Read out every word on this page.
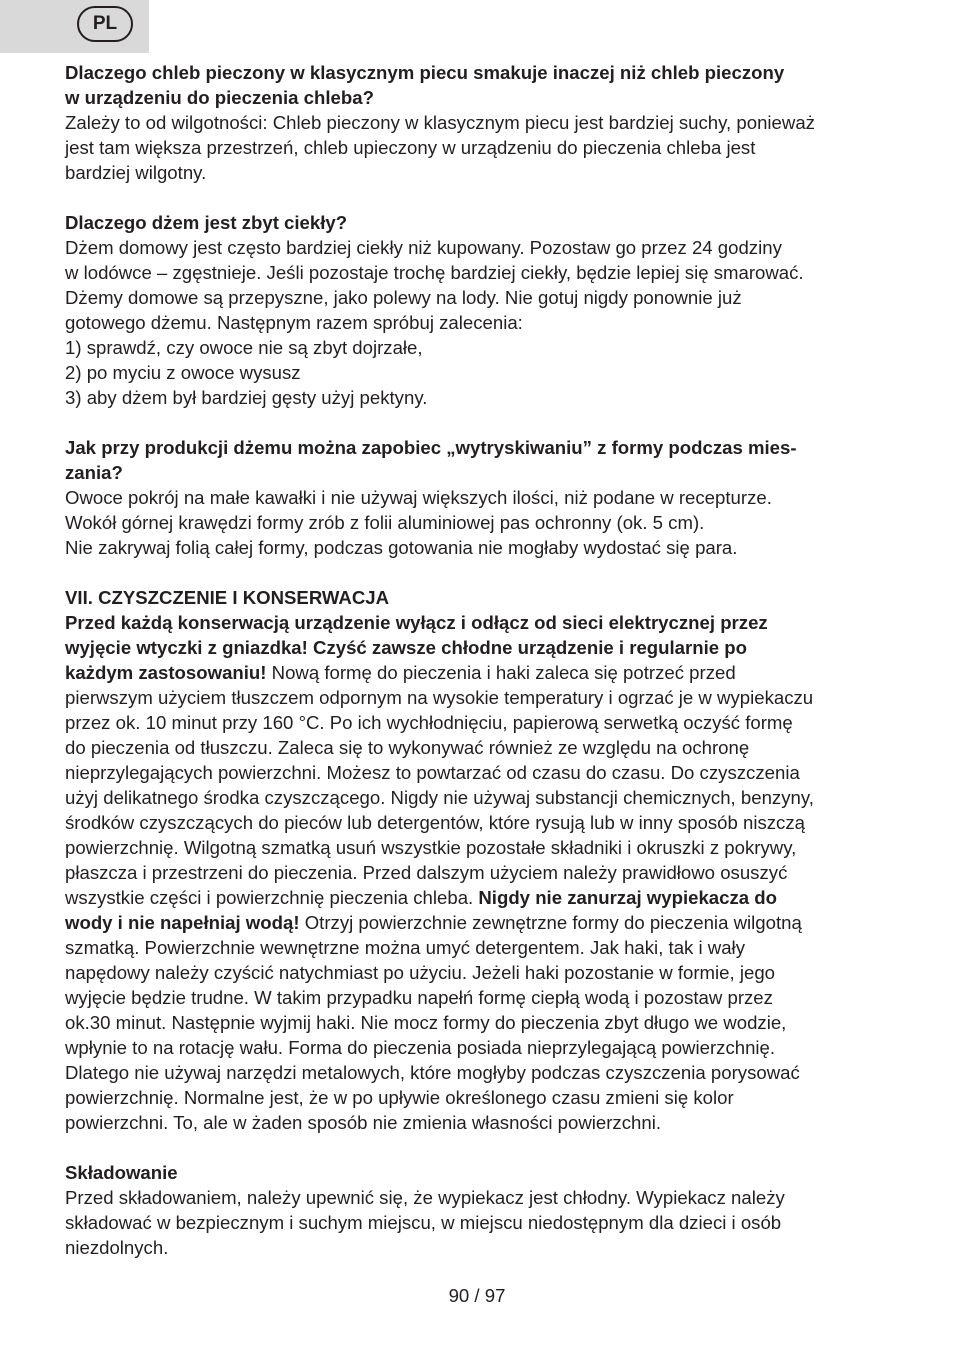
PL

Dlaczego chleb pieczony w klasycznym piecu smakuje inaczej niż chleb pieczony

w urządzeniu do pieczenia chleba?

Zależy to od wilgotności: Chleb pieczony w klasycznym piecu jest bardziej suchy, ponieważ

jest tam większa przestrzeń, chleb upieczony w urządzeniu do pieczenia chleba jest

bardziej wilgotny.

Dlaczego dżem jest zbyt ciekły?

Dżem domowy jest często bardziej ciekły niż kupowany. Pozostaw go przez 24 godziny

w lodówce – zgęstnieje. Jeśli pozostaje trochę bardziej ciekły, będzie lepiej się smarować.

Dżemy domowe są przepyszne, jako polewy na lody. Nie gotuj nigdy ponownie już

gotowego dżemu. Następnym razem spróbuj zalecenia:

1) sprawdź, czy owoce nie są zbyt dojrzałe,

2) po myciu z owoce wysusz

3) aby dżem był bardziej gęsty użyj pektyny.

Jak przy produkcji dżemu można zapobiec „wytryskiwaniu” z formy podczas mies-

zania?

Owoce pokrój na małe kawałki i nie używaj większych ilości, niż podane w recepturze.

Wokół górnej krawędzi formy zrób z folii aluminiowej pas ochronny (ok. 5 cm).

Nie zakrywaj folią całej formy, podczas gotowania nie mogłaby wydostać się para.

VII. CZYSZCZENIE I KONSERWACJA

Przed każdą konserwacją urządzenie wyłącz i odłącz od sieci elektrycznej przez

wyjęcie wtyczki z gniazdka! Czyść zawsze chłodne urządzenie i regularnie po

każdym zastosowaniu! Nową formę do pieczenia i haki zaleca się potrzeć przed

pierwszym użyciem tłuszczem odpornym na wysokie temperatury i ogrzać je w wypiekaczu

przez ok. 10 minut przy 160 °C. Po ich wychłodnięciu, papierową serwetką oczyść formę

do pieczenia od tłuszczu. Zaleca się to wykonywać również ze względu na ochronę

nieprzylegających powierzchni. Możesz to powtarzać od czasu do czasu. Do czyszczenia

użyj delikatnego środka czyszczącego. Nigdy nie używaj substancji chemicznych, benzyny,

środków czyszczących do pieców lub detergentów, które rysują lub w inny sposób niszczą

powierzchnię. Wilgotną szmatką usuń wszystkie pozostałe składniki i okruszki z pokrywy,

płaszcza i przestrzeni do pieczenia. Przed dalszym użyciem należy prawidłowo osuszyć

wszystkie części i powierzchnię pieczenia chleba. Nigdy nie zanurzaj wypiekacza do

wody i nie napełniaj wodą! Otrzyj powierzchnie zewnętrzne formy do pieczenia wilgotną

szmatką. Powierzchnie wewnętrzne można umyć detergentem. Jak haki, tak i wały

napędowy należy czyścić natychmiast po użyciu. Jeżeli haki pozostanie w formie, jego

wyjęcie będzie trudne. W takim przypadku napełń formę ciepłą wodą i pozostaw przez

ok.30 minut. Następnie wyjmij haki. Nie mocz formy do pieczenia zbyt długo we wodzie,

wpłynie to na rotację wału. Forma do pieczenia posiada nieprzylegającą powierzchnię.

Dlatego nie używaj narzędzi metalowych, które mogłyby podczas czyszczenia porysować

powierzchnię. Normalne jest, że w po upływie określonego czasu zmieni się kolor

powierzchni. To, ale w żaden sposób nie zmienia własności powierzchni.

Składowanie

Przed składowaniem, należy upewnić się, że wypiekacz jest chłodny. Wypiekacz należy

składować w bezpiecznym i suchym miejscu, w miejscu niedostępnym dla dzieci i osób

niezdolnych.

90 / 97
